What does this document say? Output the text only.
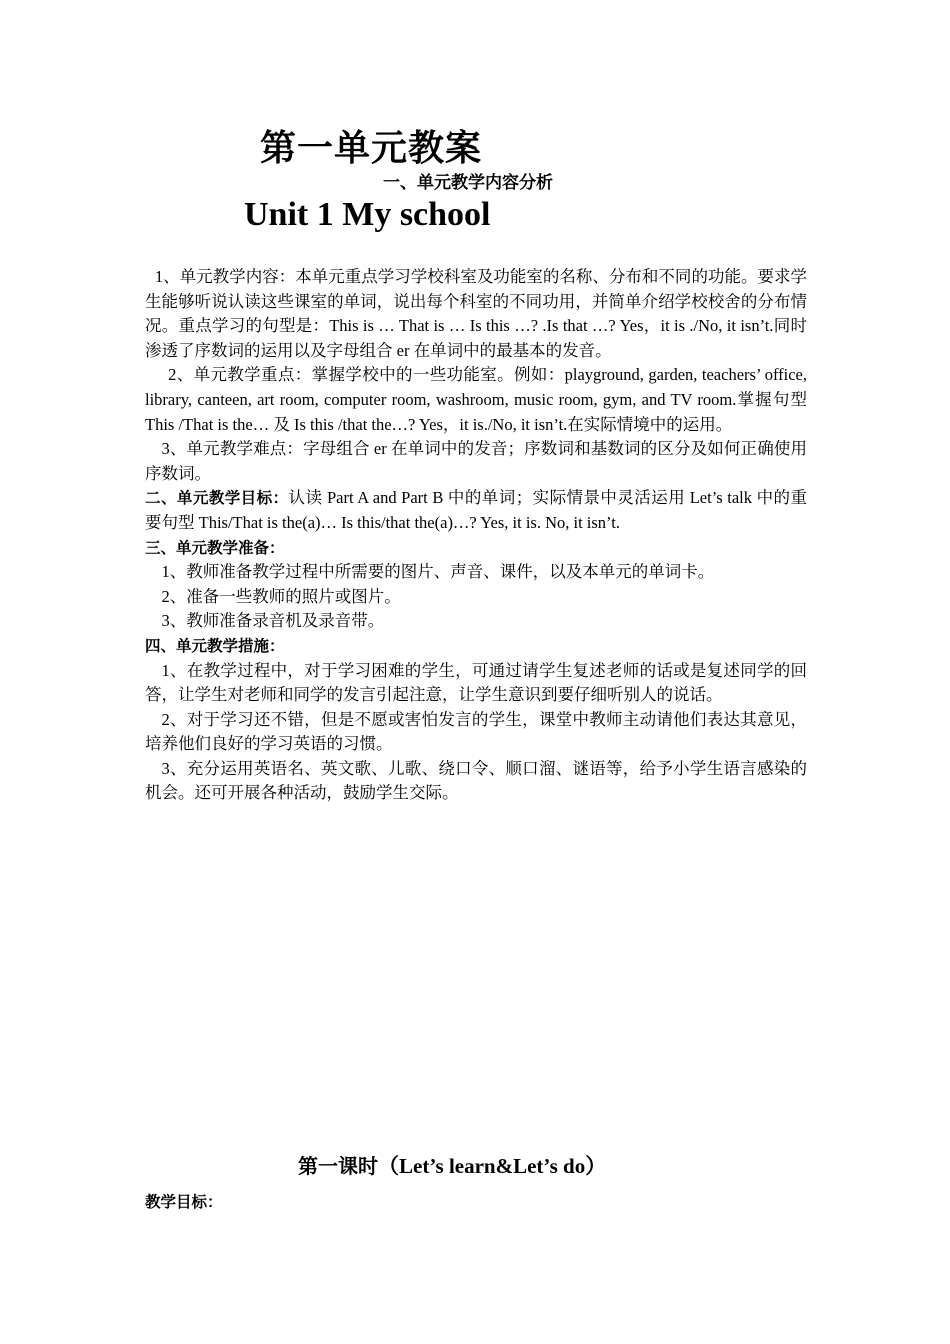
第一单元教案
一、单元教学内容分析
Unit 1 My school

1、单元教学内容：本单元重点学习学校科室及功能室的名称、分布和不同的功能。要求学生能够听说认读这些课室的单词，说出每个科室的不同功用，并简单介绍学校校舍的分布情况。重点学习的句型是：This is … That is … Is this …? .Is that …? Yes，it is ./No, it isn’t.同时渗透了序数词的运用以及字母组合 er 在单词中的最基本的发音。

2、单元教学重点：掌握学校中的一些功能室。例如：playground, garden, teachers’ office, library, canteen, art room, computer room, washroom, music room, gym, and TV room.掌握句型 This /That is the… 及 Is this /that the…? Yes，it is./No, it isn’t.在实际情境中的运用。

3、单元教学难点：字母组合 er 在单词中的发音；序数词和基数词的区分及如何正确使用序数词。

二、单元教学目标：认读 Part A and Part B 中的单词；实际情景中灵活运用 Let’s talk 中的重要句型 This/That is the(a)… Is this/that the(a)…? Yes, it is. No, it isn’t.

三、单元教学准备：

1、教师准备教学过程中所需要的图片、声音、课件，以及本单元的单词卡。

2、准备一些教师的照片或图片。

3、教师准备录音机及录音带。

四、单元教学措施：

1、在教学过程中，对于学习困难的学生，可通过请学生复述老师的话或是复述同学的回答，让学生对老师和同学的发言引起注意，让学生意识到要仔细听别人的说话。

2、对于学习还不错，但是不愿或害怕发言的学生，课堂中教师主动请他们表达其意见，培养他们良好的学习英语的习惯。

3、充分运用英语名、英文歌、儿歌、绕口令、顺口溜、谜语等，给予小学生语言感染的机会。还可开展各种活动，鼓励学生交际。

第一课时（Let’s learn&Let’s do）
教学目标：
